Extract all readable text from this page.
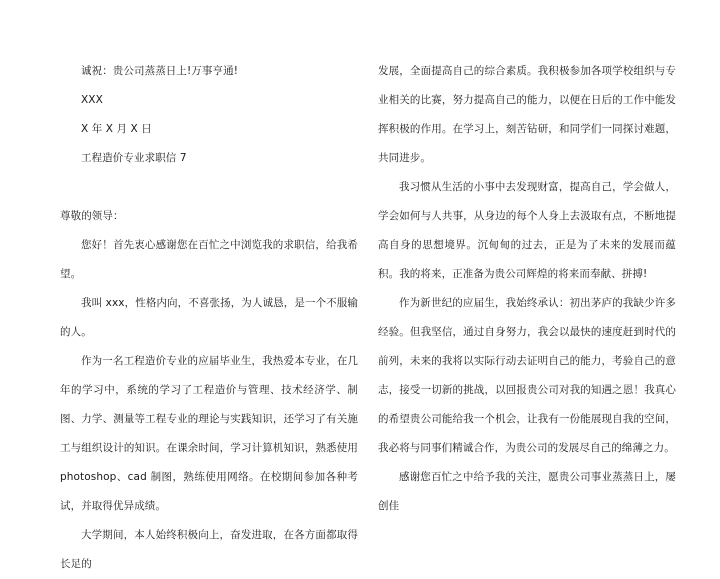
诚祝：贵公司蒸蒸日上!万事亨通!

XXX

X 年 X 月 X 日

工程造价专业求职信 7

尊敬的领导：

您好！首先衷心感谢您在百忙之中浏览我的求职信，给我希望。

我叫 xxx，性格内向，不喜张扬，为人诚恳，是一个不服输的人。

作为一名工程造价专业的应届毕业生，我热爱本专业，在几年的学习中，系统的学习了工程造价与管理、技术经济学、制图、力学、测量等工程专业的理论与实践知识，还学习了有关施工与组织设计的知识。在课余时间，学习计算机知识，熟悉使用 photoshop、cad 制图，熟练使用网络。在校期间参加各种考试，并取得优异成绩。

大学期间，本人始终积极向上，奋发进取，在各方面都取得长足的

发展，全面提高自己的综合素质。我积极参加各项学校组织与专业相关的比赛，努力提高自己的能力，以便在日后的工作中能发挥积极的作用。在学习上，刻苦钻研，和同学们一同探讨难题，共同进步。

我习惯从生活的小事中去发现财富，提高自己，学会做人，学会如何与人共事，从身边的每个人身上去汲取有点，不断地提高自身的思想境界。沉甸甸的过去，正是为了未来的发展而蕴积。我的将来，正准备为贵公司辉煌的将来而奉献、拼搏!

作为新世纪的应届生，我始终承认：初出茅庐的我缺少许多经验。但我坚信，通过自身努力，我会以最快的速度赶到时代的前列，未来的我将以实际行动去证明自己的能力，考验自己的意志，接受一切新的挑战，以回报贵公司对我的知遇之恩！我真心的希望贵公司能给我一个机会，让我有一份能展现自我的空间，我必将与同事们精诚合作，为贵公司的发展尽自己的绵薄之力。

感谢您百忙之中给予我的关注，愿贵公司事业蒸蒸日上，屡创佳
